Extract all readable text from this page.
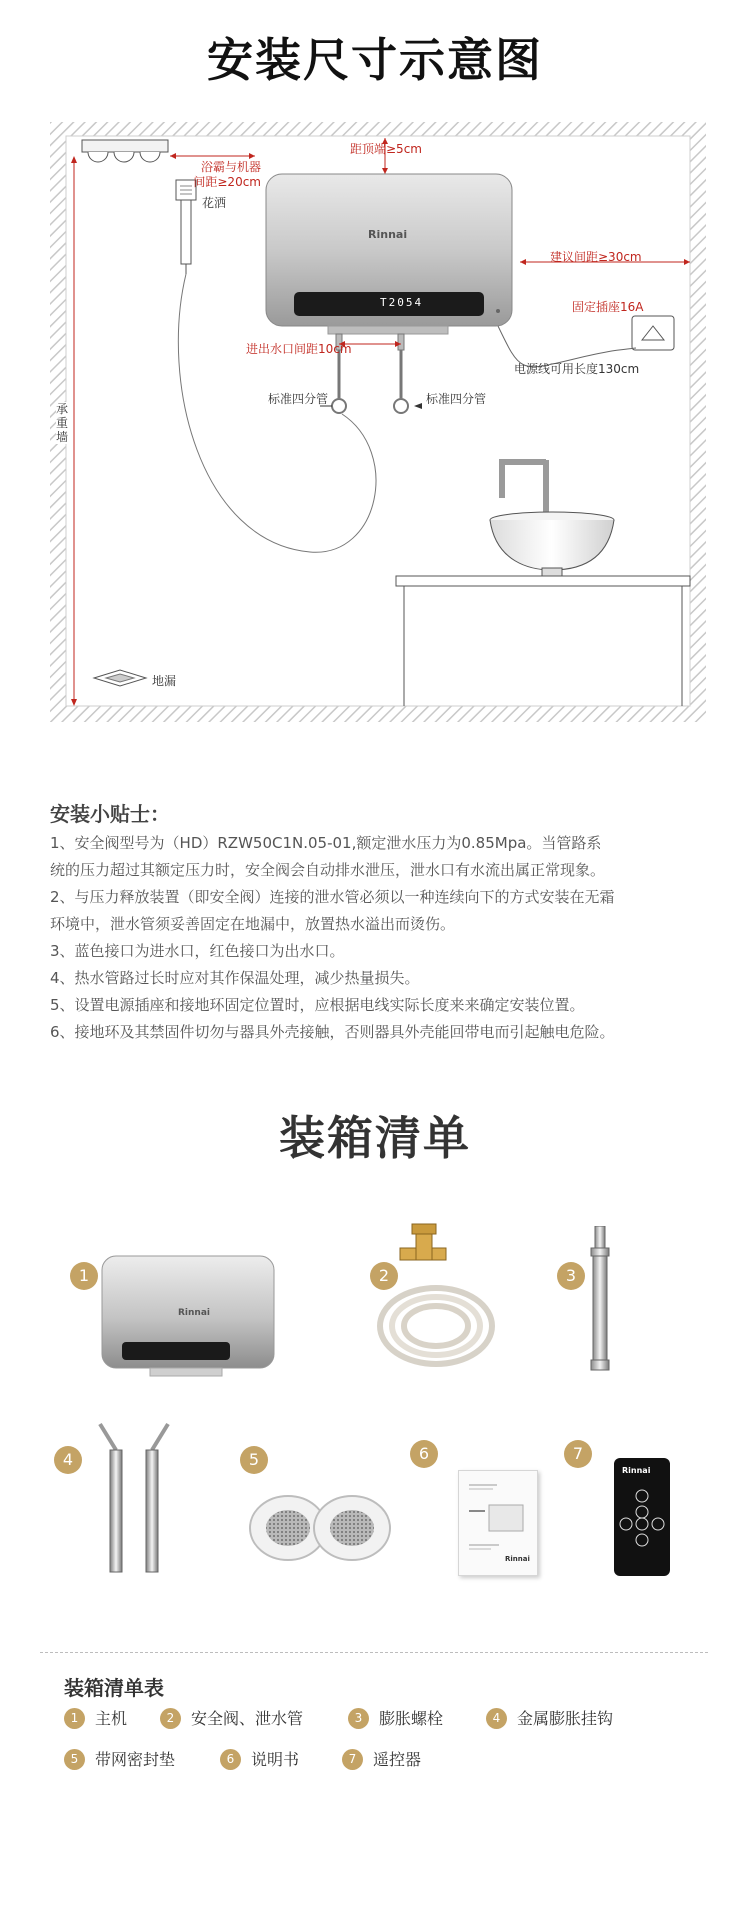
安装尺寸示意图
距顶端≥5cm
浴霸与机器
间距≥20cm
花洒
Rinnai
T2054
建议间距≥30cm
固定插座16A
进出水口间距10cm
电源线可用长度130cm
标准四分管	标准四分管
承重墙
地漏
安装小贴士：
1、安全阀型号为（HD）RZW50C1N.05-01,额定泄水压力为0.85Mpa。当管路系
统的压力超过其额定压力时，安全阀会自动排水泄压，泄水口有水流出属正常现象。
2、与压力释放装置（即安全阀）连接的泄水管必须以一种连续向下的方式安装在无霜
环境中，泄水管须妥善固定在地漏中，放置热水溢出而烫伤。
3、蓝色接口为进水口，红色接口为出水口。
4、热水管路过长时应对其作保温处理，减少热量损失。
5、设置电源插座和接地环固定位置时，应根据电线实际长度来来确定安装位置。
6、接地环及其禁固件切勿与器具外壳接触，否则器具外壳能回带电而引起触电危险。
装箱清单
1
Rinnai
2	3
4	5	6
Rinnai
7
Rinnai
装箱清单表
1	主机	2	安全阀、泄水管	3	膨胀螺栓	4	金属膨胀挂钩
5	带网密封垫	6	说明书	7	遥控器
